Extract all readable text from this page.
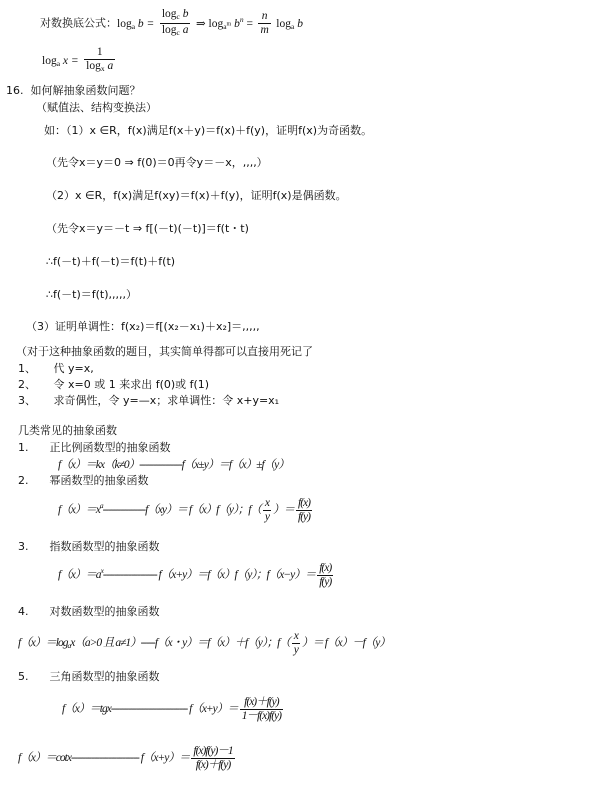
对数换底公式：loga $b = \frac{\text{logc b}}{\text{logc a}}$ ⇒ loga$^m$ $b^n = \frac{n}{m}$ loga b
loga $x = \frac{1}{\text{logx a}}$
16. 如何解抽象函数问题？
（赋值法、结构变换法）
如：（1）x ∈R，f(x)满足f(x＋y)＝f(x)＋f(y)，证明f(x)为奇函数。
（先令x＝y＝0 ⇒ f(0)＝0再令y＝－x，,,,,）
（2）x ∈R，f(x)满足f(xy)＝f(x)＋f(y)，证明f(x)是偶函数。
（先令x＝y＝－t ⇒ f[(－t)(－t)]＝f(t・t)
∴f(－t)＋f(－t)＝f(t)＋f(t)
∴f(－t)＝f(t),,,,,）
（3）证明单调性：f(x₂)＝f[(x₂－x₁)＋x₂]＝,,,,,
（对于这种抽象函数的题目，其实简单得都可以直接用死记了
1、 代 y=x,
2、 令 x=0 或 1 来求出 f(0)或 f(1)
3、 求奇偶性，令 y=—x；求单调性：令 x+y=x₁
几类常见的抽象函数
1. 正比例函数型的抽象函数
f（x）＝kx（k≠0）---------------f（x±y）＝f（x）±f（y）
2. 幂函数型的抽象函数
$f(x)=x^a---------------f(xy)= f(x)f(y)$；$f( \frac{x}{y}$ ）＝ $\frac{f(x)}{f(y)}$
3. 指数函数型的抽象函数
$f(x)=a^x-------------------$ f（x+y）＝f（x）f（y）；$f(x-y)= \frac{f(x)}{f(y)}$
4. 对数函数型的抽象函数
f（x）＝logax（a>0 且 a≠1）-----f（x・y）＝f（x）＋f（y）；$f( \frac{x}{y}$ ）＝ f（x）－f（y）
5. 三角函数型的抽象函数
f（x）＝tgx--------------------------- $f(x+y)= \frac{f(x)+f(y)}{1-f(x)f(y)}$
f（x）＝cotx------------------------ $f(x+y)= \frac{f(x)f(y)-1}{f(x)+f(y)}$
